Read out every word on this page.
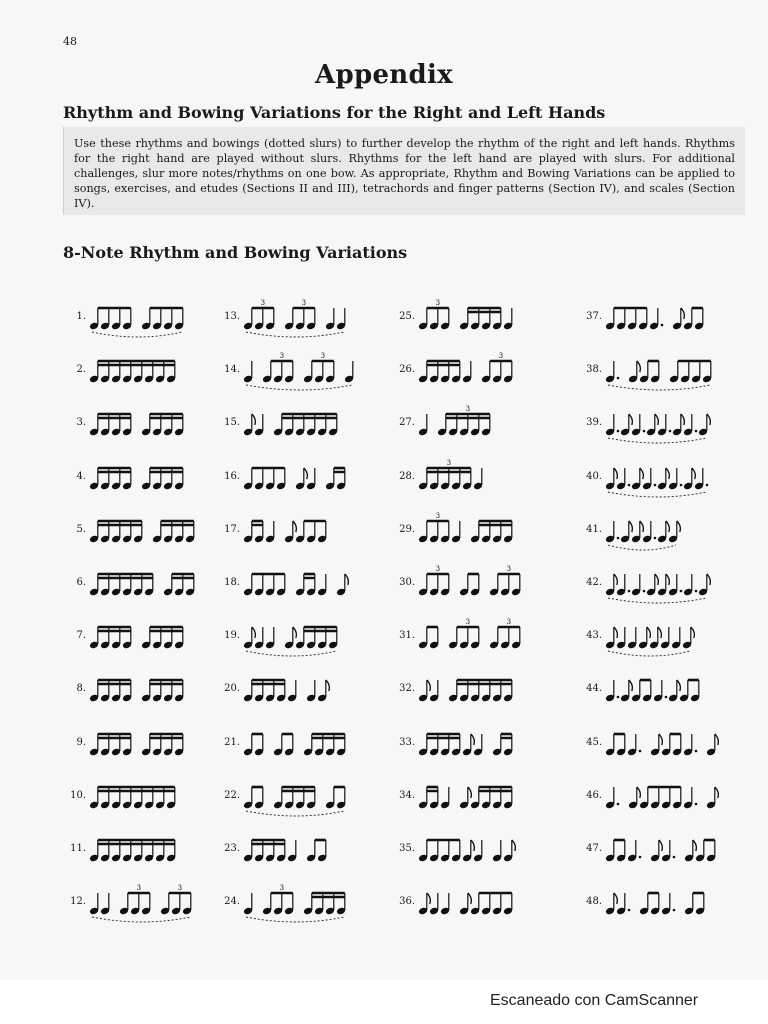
48
Appendix
Rhythm and Bowing Variations for the Right and Left Hands
Use these rhythms and bowings (dotted slurs) to further develop the rhythm of the right and left hands. Rhythms for the right hand are played without slurs. Rhythms for the left hand are played with slurs. For additional challenges, slur more notes/rhythms on one bow. As appropriate, Rhythm and Bowing Variations can be applied to songs, exercises, and etudes (Sections II and III), tetrachords and finger patterns (Section IV), and scales (Section IV).
8-Note Rhythm and Bowing Variations
1.
2.
3.
4.
5.
6.
7.
8.
9.
10.
11.
12.
3	3
13.
3	3
14.
3	3
15.
16.
17.
18.
19.
20.
21.
22.
23.
24.
3
25.
3
26.
3
27.
3
28.
3
29.
3
30.
3	3
31.
3	3
32.
33.
34.
35.
36.
37.
38.
39.
40.
41.
42.
43.
44.
45.
46.
47.
48.
Escaneado con CamScanner
